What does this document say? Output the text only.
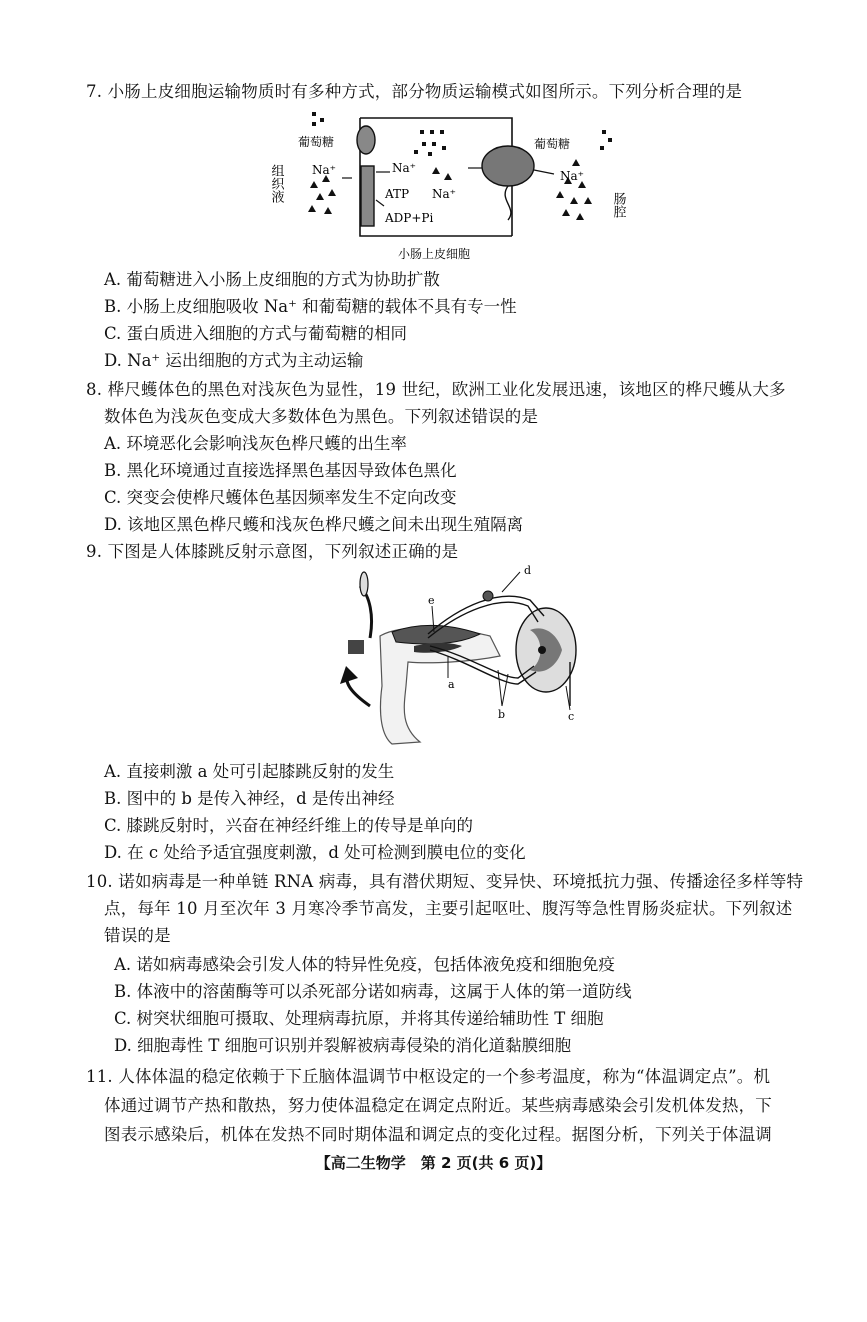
7. 小肠上皮细胞运输物质时有多种方式，部分物质运输模式如图所示。下列分析合理的是
葡萄糖	葡萄糖
组织液
肠腔
Na⁺	Na⁺
Na⁺
Na⁺
ATP
ADP+Pi
小肠上皮细胞
A. 葡萄糖进入小肠上皮细胞的方式为协助扩散
B. 小肠上皮细胞吸收 Na⁺ 和葡萄糖的载体不具有专一性
C. 蛋白质进入细胞的方式与葡萄糖的相同
D. Na⁺ 运出细胞的方式为主动运输
8. 桦尺蠖体色的黑色对浅灰色为显性，19 世纪，欧洲工业化发展迅速，该地区的桦尺蠖从大多
数体色为浅灰色变成大多数体色为黑色。下列叙述错误的是
A. 环境恶化会影响浅灰色桦尺蠖的出生率
B. 黑化环境通过直接选择黑色基因导致体色黑化
C. 突变会使桦尺蠖体色基因频率发生不定向改变
D. 该地区黑色桦尺蠖和浅灰色桦尺蠖之间未出现生殖隔离
9. 下图是人体膝跳反射示意图，下列叙述正确的是
a
b	c
d
e
A. 直接刺激 a 处可引起膝跳反射的发生
B. 图中的 b 是传入神经，d 是传出神经
C. 膝跳反射时，兴奋在神经纤维上的传导是单向的
D. 在 c 处给予适宜强度刺激，d 处可检测到膜电位的变化
10. 诺如病毒是一种单链 RNA 病毒，具有潜伏期短、变异快、环境抵抗力强、传播途径多样等特
点，每年 10 月至次年 3 月寒冷季节高发，主要引起呕吐、腹泻等急性胃肠炎症状。下列叙述
错误的是
A. 诺如病毒感染会引发人体的特异性免疫，包括体液免疫和细胞免疫
B. 体液中的溶菌酶等可以杀死部分诺如病毒，这属于人体的第一道防线
C. 树突状细胞可摄取、处理病毒抗原，并将其传递给辅助性 T 细胞
D. 细胞毒性 T 细胞可识别并裂解被病毒侵染的消化道黏膜细胞
11. 人体体温的稳定依赖于下丘脑体温调节中枢设定的一个参考温度，称为“体温调定点”。机
体通过调节产热和散热，努力使体温稳定在调定点附近。某些病毒感染会引发机体发热，下
图表示感染后，机体在发热不同时期体温和调定点的变化过程。据图分析，下列关于体温调
【高二生物学　第 2 页(共 6 页)】
